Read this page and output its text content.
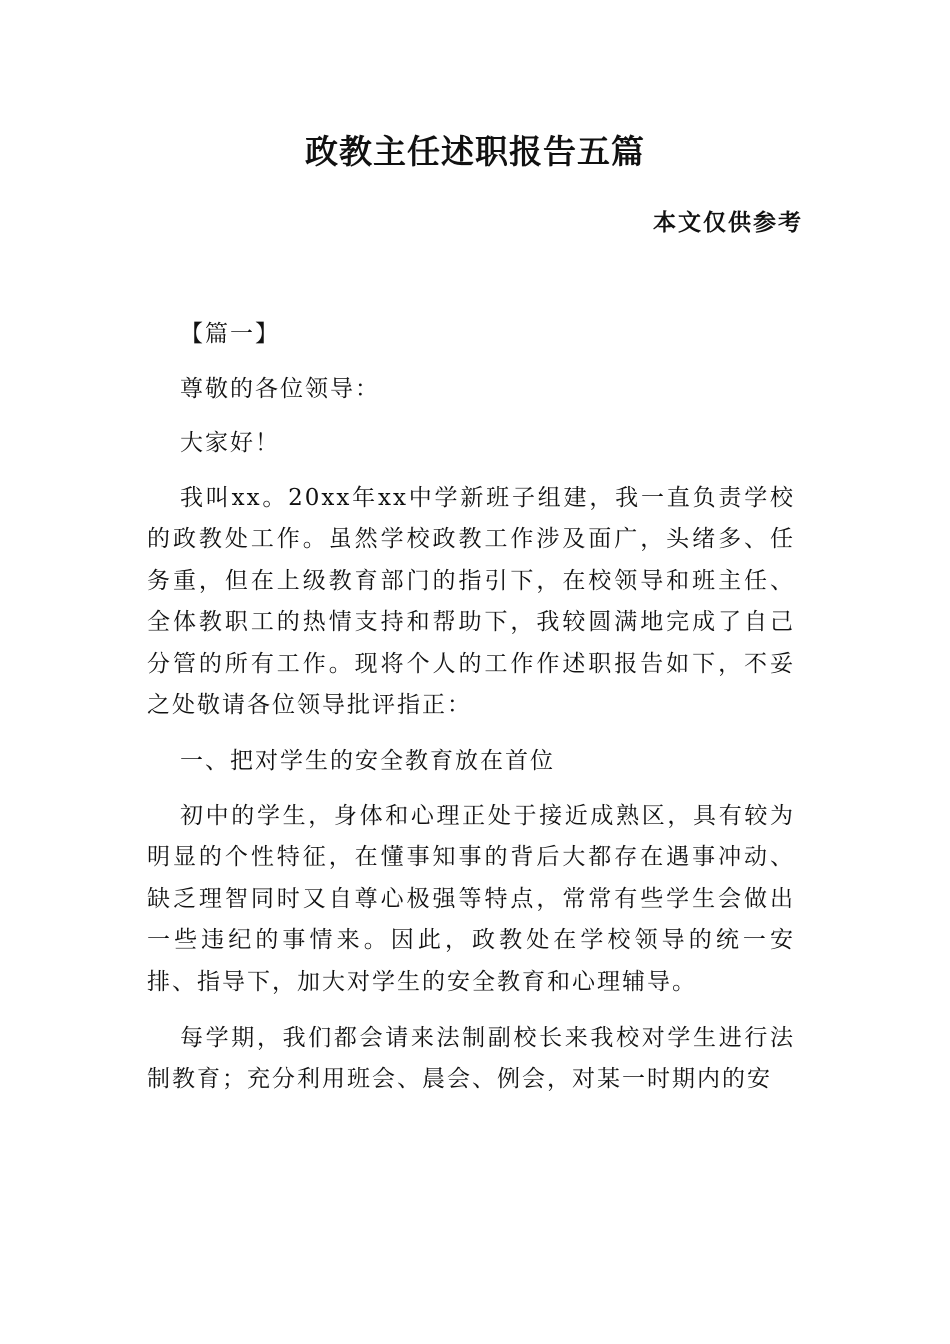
政教主任述职报告五篇
本文仅供参考

【篇一】

尊敬的各位领导：

大家好！

我叫xx。20xx年xx中学新班子组建，我一直负责学校的政教处工作。虽然学校政教工作涉及面广，头绪多、任务重，但在上级教育部门的指引下，在校领导和班主任、全体教职工的热情支持和帮助下，我较圆满地完成了自己分管的所有工作。现将个人的工作作述职报告如下，不妥之处敬请各位领导批评指正：

一、把对学生的安全教育放在首位

初中的学生，身体和心理正处于接近成熟区，具有较为明显的个性特征，在懂事知事的背后大都存在遇事冲动、缺乏理智同时又自尊心极强等特点，常常有些学生会做出一些违纪的事情来。因此，政教处在学校领导的统一安排、指导下，加大对学生的安全教育和心理辅导。

每学期，我们都会请来法制副校长来我校对学生进行法制教育；充分利用班会、晨会、例会，对某一时期内的安
